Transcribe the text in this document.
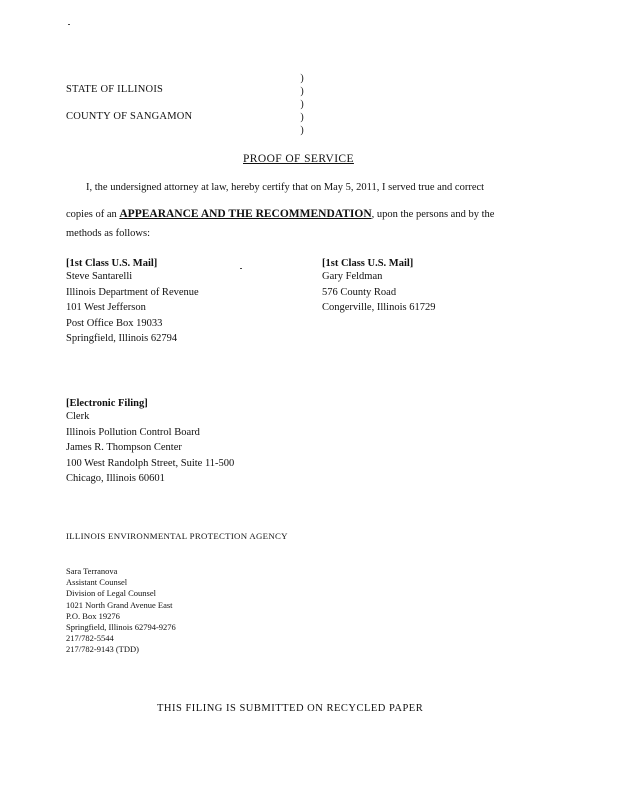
STATE OF ILLINOIS
COUNTY OF SANGAMON
)
)
)
)
)
PROOF OF SERVICE
I, the undersigned attorney at law, hereby certify that on May 5, 2011, I served true and correct
copies of an APPEARANCE AND THE RECOMMENDATION, upon the persons and by the
methods as follows:
[1st Class U.S. Mail]
Steve Santarelli
Illinois Department of Revenue
101 West Jefferson
Post Office Box 19033
Springfield, Illinois 62794
[1st Class U.S. Mail]
Gary Feldman
576 County Road
Congerville, Illinois 61729
[Electronic Filing]
Clerk
Illinois Pollution Control Board
James R. Thompson Center
100 West Randolph Street, Suite 11-500
Chicago, Illinois 60601
ILLINOIS ENVIRONMENTAL PROTECTION AGENCY
Sara Terranova
Assistant Counsel
Division of Legal Counsel
1021 North Grand Avenue East
P.O. Box 19276
Springfield, Illinois 62794-9276
217/782-5544
217/782-9143 (TDD)
THIS FILING IS SUBMITTED ON RECYCLED PAPER
